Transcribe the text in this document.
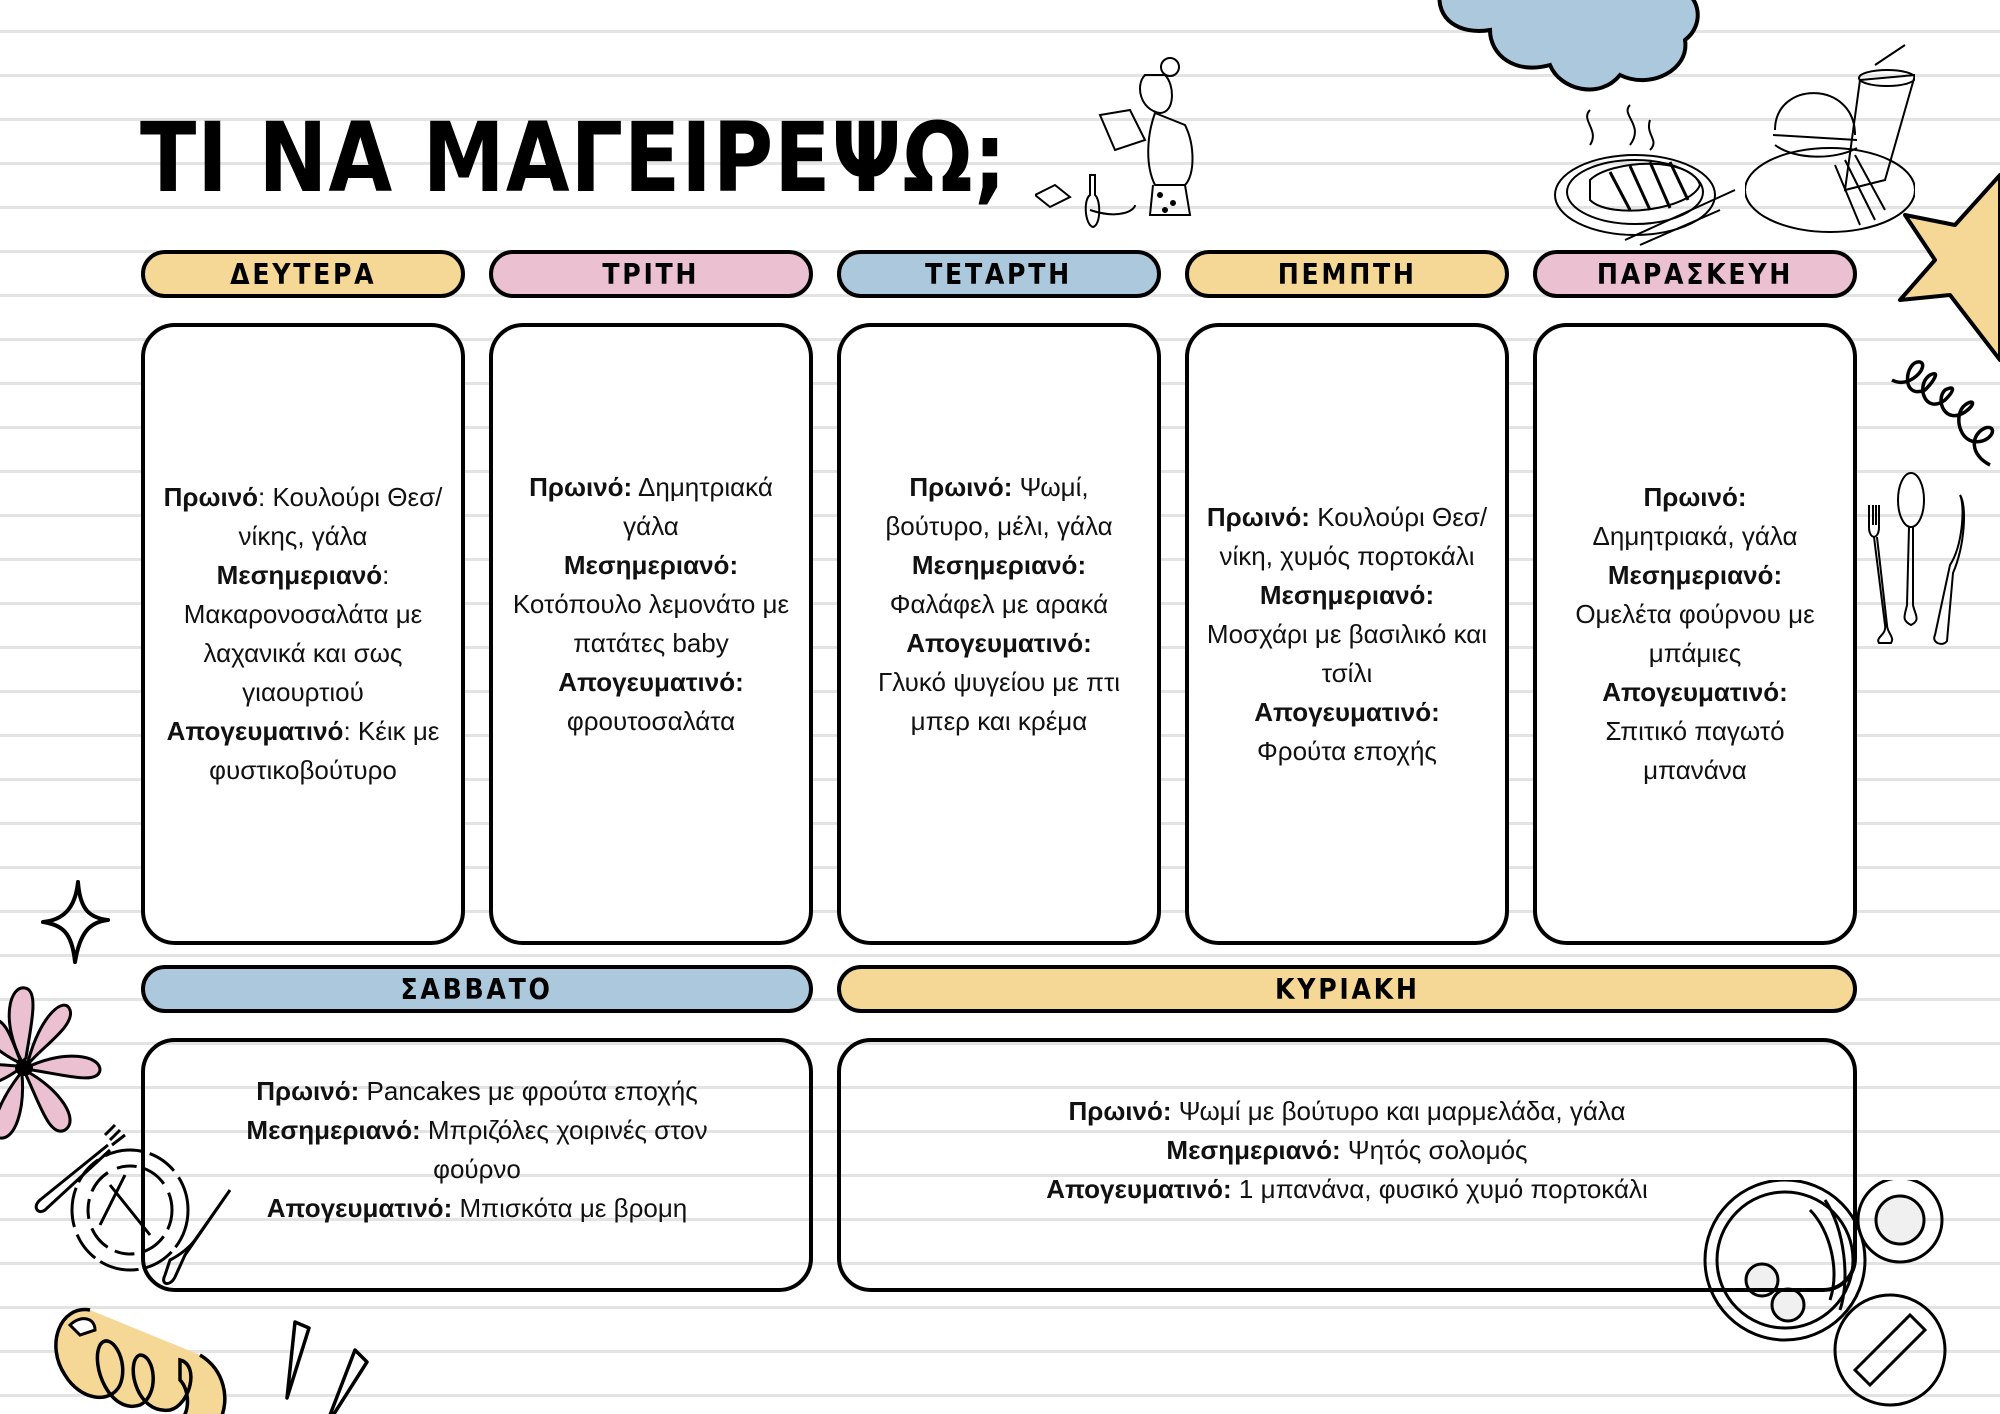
ΤΙ ΝΑ ΜΑΓΕΙΡΕΨΩ;
ΔΕΥΤΕΡΑ	ΤΡΙΤΗ	ΤΕΤΑΡΤΗ	ΠΕΜΠΤΗ	ΠΑΡΑΣΚΕΥΗ
Πρωινό: Κουλούρι Θεσ/νίκης, γάλα
Μεσημεριανό:
Μακαρονοσαλάτα με λαχανικά και σως γιαουρτιού
Απογευματινό: Κέικ με φυστικοβούτυρο
Πρωινό: Δημητριακά γάλα
Μεσημεριανό:
Κοτόπουλο λεμονάτο με πατάτες baby
Απογευματινό:
φρουτοσαλάτα
Πρωινό: Ψωμί, βούτυρο, μέλι, γάλα
Μεσημεριανό:
Φαλάφελ με αρακά
Απογευματινό:
Γλυκό ψυγείου με πτι μπερ και κρέμα
Πρωινό: Κουλούρι Θεσ/νίκη, χυμός πορτοκάλι
Μεσημεριανό:
Μοσχάρι με βασιλικό και τσίλι
Απογευματινό:
Φρούτα εποχής
Πρωινό:
Δημητριακά, γάλα
Μεσημεριανό:
Ομελέτα φούρνου με μπάμιες
Απογευματινό:
Σπιτικό παγωτό μπανάνα
ΣΑΒΒΑΤΟ	ΚΥΡΙΑΚΗ
Πρωινό: Pancakes με φρούτα εποχής
Μεσημεριανό: Μπριζόλες χοιρινές στον φούρνο
Απογευματινό: Μπισκότα με βρομη
Πρωινό: Ψωμί με βούτυρο και μαρμελάδα, γάλα
Μεσημεριανό: Ψητός σολομός
Απογευματινό: 1 μπανάνα, φυσικό χυμό πορτοκάλι
